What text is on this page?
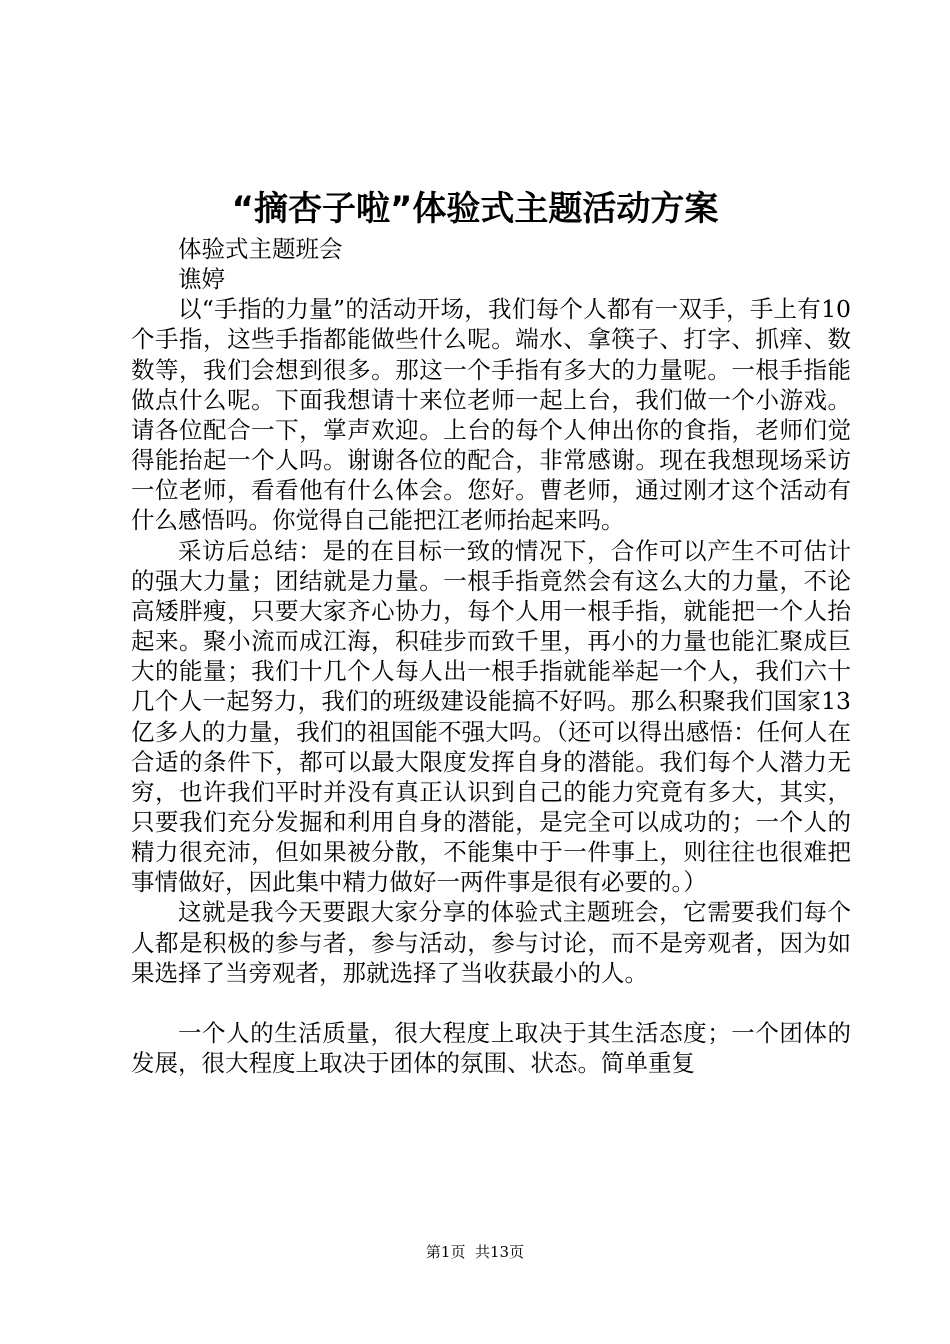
“摘杏子啦”体验式主题活动方案

体验式主题班会

谯婷

以“手指的力量”的活动开场，我们每个人都有一双手，手上有10个手指，这些手指都能做些什么呢。端水、拿筷子、打字、抓痒、数数等，我们会想到很多。那这一个手指有多大的力量呢。一根手指能做点什么呢。下面我想请十来位老师一起上台，我们做一个小游戏。请各位配合一下，掌声欢迎。上台的每个人伸出你的食指，老师们觉得能抬起一个人吗。谢谢各位的配合，非常感谢。现在我想现场采访一位老师，看看他有什么体会。您好。曹老师，通过刚才这个活动有什么感悟吗。你觉得自己能把江老师抬起来吗。

采访后总结：是的在目标一致的情况下，合作可以产生不可估计的强大力量；团结就是力量。一根手指竟然会有这么大的力量，不论高矮胖瘦，只要大家齐心协力，每个人用一根手指，就能把一个人抬起来。聚小流而成江海，积硅步而致千里，再小的力量也能汇聚成巨大的能量；我们十几个人每人出一根手指就能举起一个人，我们六十几个人一起努力，我们的班级建设能搞不好吗。那么积聚我们国家13亿多人的力量，我们的祖国能不强大吗。（还可以得出感悟：任何人在合适的条件下，都可以最大限度发挥自身的潜能。我们每个人潜力无穷，也许我们平时并没有真正认识到自己的能力究竟有多大，其实，只要我们充分发掘和利用自身的潜能，是完全可以成功的；一个人的精力很充沛，但如果被分散，不能集中于一件事上，则往往也很难把事情做好，因此集中精力做好一两件事是很有必要的。）

这就是我今天要跟大家分享的体验式主题班会，它需要我们每个人都是积极的参与者，参与活动，参与讨论，而不是旁观者，因为如果选择了当旁观者，那就选择了当收获最小的人。

一个人的生活质量，很大程度上取决于其生活态度；一个团体的发展，很大程度上取决于团体的氛围、状态。简单重复

第1页 共13页
